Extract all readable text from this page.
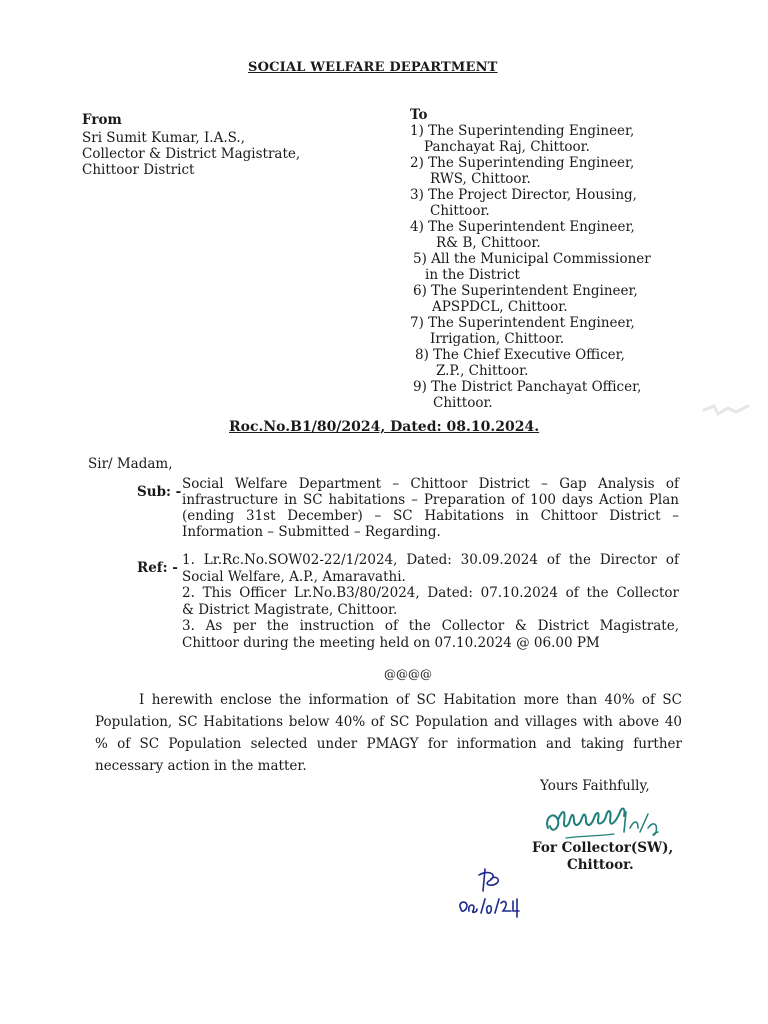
SOCIAL WELFARE DEPARTMENT
From
Sri Sumit Kumar, I.A.S.,
Collector & District Magistrate,
Chittoor District
To
1) The Superintending Engineer,
Panchayat Raj, Chittoor.
2) The Superintending Engineer,
RWS, Chittoor.
3) The Project Director, Housing,
Chittoor.
4) The Superintendent Engineer,
R& B, Chittoor.
5) All the Municipal Commissioner
in the District
6) The Superintendent Engineer,
APSPDCL, Chittoor.
7) The Superintendent Engineer,
Irrigation, Chittoor.
8) The Chief Executive Officer,
Z.P., Chittoor.
9) The District Panchayat Officer,
Chittoor.
Roc.No.B1/80/2024, Dated: 08.10.2024.
Sir/ Madam,
Sub: - Social Welfare Department – Chittoor District – Gap Analysis of
infrastructure in SC habitations – Preparation of 100 days Action Plan
(ending 31st December) – SC Habitations in Chittoor District –
Information – Submitted – Regarding.
Ref: - 1. Lr.Rc.No.SOW02-22/1/2024, Dated: 30.09.2024 of the Director of
Social Welfare, A.P., Amaravathi.
2. This Officer Lr.No.B3/80/2024, Dated: 07.10.2024 of the Collector
& District Magistrate, Chittoor.
3. As per the instruction of the Collector & District Magistrate,
Chittoor during the meeting held on 07.10.2024 @ 06.00 PM
@@@@
I herewith enclose the information of SC Habitation more than 40% of SC
Population, SC Habitations below 40% of SC Population and villages with above 40
% of SC Population selected under PMAGY for information and taking further
necessary action in the matter.
Yours Faithfully,
For Collector(SW),
Chittoor.
